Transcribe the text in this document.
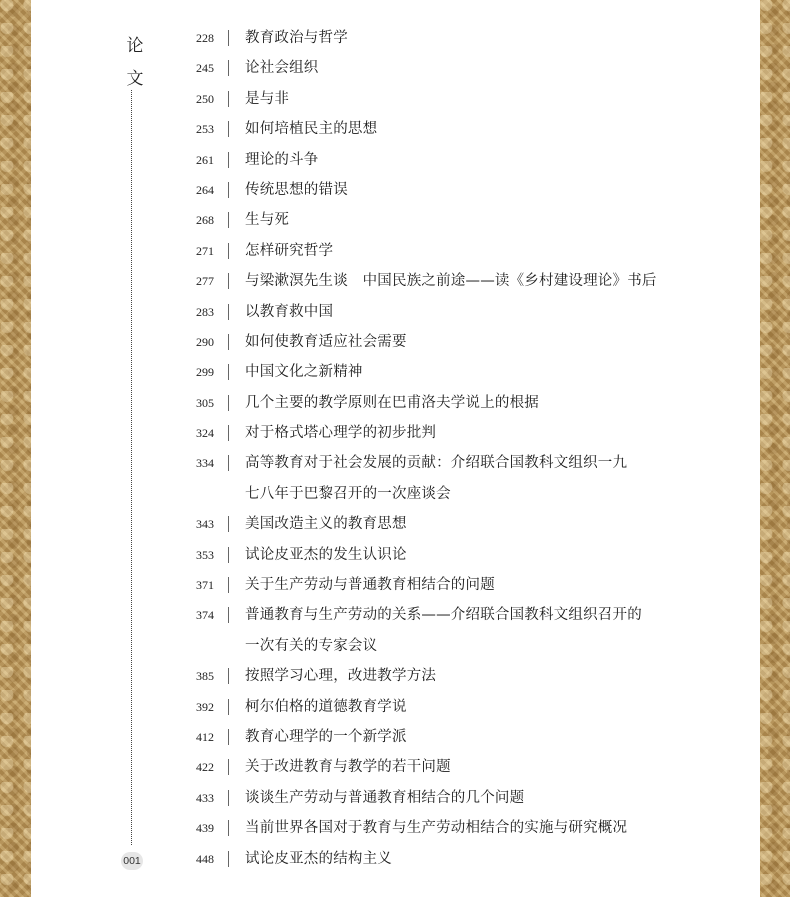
论
文
001
228 教育政治与哲学
245 论社会组织
250 是与非
253 如何培植民主的思想
261 理论的斗争
264 传统思想的错误
268 生与死
271 怎样研究哲学
277 与梁漱溟先生谈　中国民族之前途——读《乡村建设理论》书后
283 以教育救中国
290 如何使教育适应社会需要
299 中国文化之新精神
305 几个主要的教学原则在巴甫洛夫学说上的根据
324 对于格式塔心理学的初步批判
334 高等教育对于社会发展的贡献：介绍联合国教科文组织一九
七八年于巴黎召开的一次座谈会
343 美国改造主义的教育思想
353 试论皮亚杰的发生认识论
371 关于生产劳动与普通教育相结合的问题
374 普通教育与生产劳动的关系——介绍联合国教科文组织召开的
一次有关的专家会议
385 按照学习心理，改进教学方法
392 柯尔伯格的道德教育学说
412 教育心理学的一个新学派
422 关于改进教育与教学的若干问题
433 谈谈生产劳动与普通教育相结合的几个问题
439 当前世界各国对于教育与生产劳动相结合的实施与研究概况
448 试论皮亚杰的结构主义
